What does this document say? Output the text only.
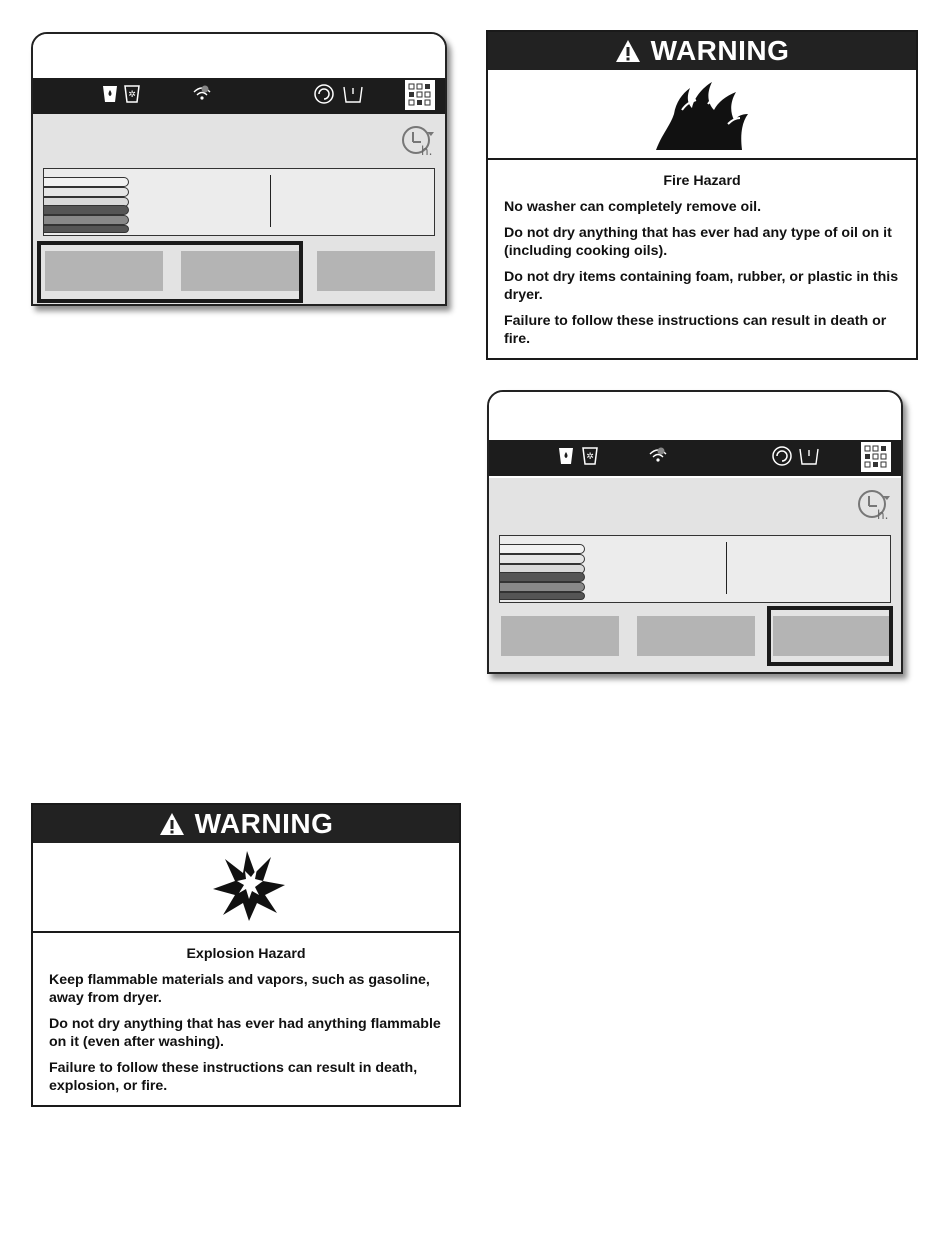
✲
h.
WARNING
Fire Hazard

No washer can completely remove oil.

Do not dry anything that has ever had any type of oil on it (including cooking oils).

Do not dry items containing foam, rubber, or plastic in this dryer.

Failure to follow these instructions can result in death or fire.

✲
h.
WARNING
Explosion Hazard

Keep flammable materials and vapors, such as gasoline, away from dryer.

Do not dry anything that has ever had anything flammable on it (even after washing).

Failure to follow these instructions can result in death, explosion, or fire.
